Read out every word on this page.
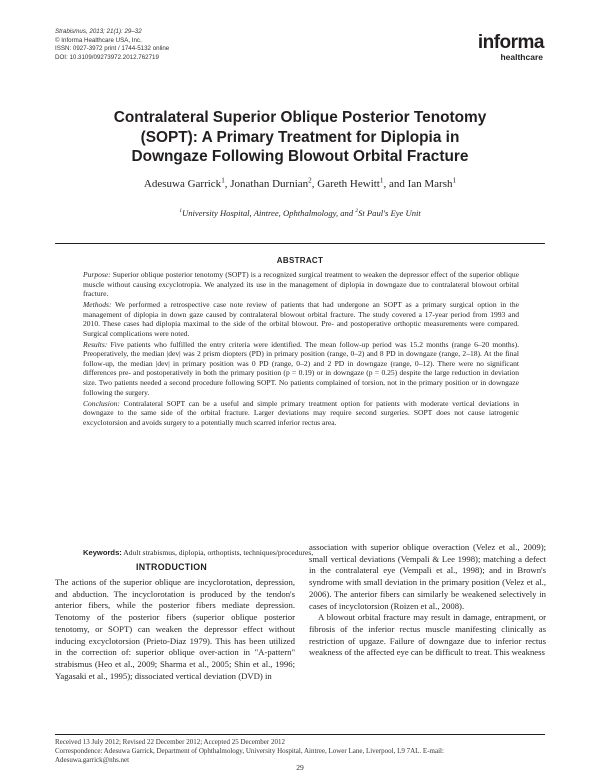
Strabismus, 2013; 21(1): 29–32
© Informa Healthcare USA, Inc.
ISSN: 0927-3972 print / 1744-5132 online
DOI: 10.3109/09273972.2012.762719
informa
healthcare
Contralateral Superior Oblique Posterior Tenotomy
(SOPT): A Primary Treatment for Diplopia in
Downgaze Following Blowout Orbital Fracture
Adesuwa Garrick$^1$, Jonathan Durnian$^2$, Gareth Hewitt$^1$, and Ian Marsh$^1$
$^1$University Hospital, Aintree, Ophthalmology, and $^2$St Paul's Eye Unit
ABSTRACT

Purpose: Superior oblique posterior tenotomy (SOPT) is a recognized surgical treatment to weaken the depressor effect of the superior oblique muscle without causing excyclotropia. We analyzed its use in the management of diplopia in downgaze due to contralateral blowout orbital fracture.

Methods: We performed a retrospective case note review of patients that had undergone an SOPT as a primary surgical option in the management of diplopia in down gaze caused by contralateral blowout orbital fracture. The study covered a 17-year period from 1993 and 2010. These cases had diplopia maximal to the side of the orbital blowout. Pre- and postoperative orthoptic measurements were compared. Surgical complications were noted.

Results: Five patients who fulfilled the entry criteria were identified. The mean follow-up period was 15.2 months (range 6–20 months). Preoperatively, the median |dev| was 2 prism diopters (PD) in primary position (range, 0–2) and 8 PD in downgaze (range, 2–18). At the final follow-up, the median |dev| in primary position was 0 PD (range, 0–2) and 2 PD in downgaze (range, 0–12). There were no significant differences pre- and postoperatively in both the primary position (p = 0.19) or in downgaze (p = 0.25) despite the large reduction in deviation size. Two patients needed a second procedure following SOPT. No patients complained of torsion, not in the primary position or in downgaze following the surgery.

Conclusion: Contralateral SOPT can be a useful and simple primary treatment option for patients with moderate vertical deviations in downgaze to the same side of the orbital fracture. Larger deviations may require second surgeries. SOPT does not cause iatrogenic excyclotorsion and avoids surgery to a potentially much scarred inferior rectus area.

Keywords: Adult strabismus, diplopia, orthoptists, techniques/procedures,
INTRODUCTION

The actions of the superior oblique are incyclorotation, depression, and abduction. The incyclorotation is produced by the tendon's anterior fibers, while the posterior fibers mediate depression. Tenotomy of the posterior fibers (superior oblique posterior tenotomy, or SOPT) can weaken the depressor effect without inducing excyclotorsion (Prieto-Diaz 1979). This has been utilized in the correction of: superior oblique over-action in "A-pattern" strabismus (Heo et al., 2009; Sharma et al., 2005; Shin et al., 1996; Yagasaki et al., 1995); dissociated vertical deviation (DVD) in

association with superior oblique overaction (Velez et al., 2009); small vertical deviations (Vempali & Lee 1998); matching a defect in the contralateral eye (Vempali et al., 1998); and in Brown's syndrome with small deviation in the primary position (Velez et al., 2006). The anterior fibers can similarly be weakened selectively in cases of incyclotorsion (Roizen et al., 2008).

A blowout orbital fracture may result in damage, entrapment, or fibrosis of the inferior rectus muscle manifesting clinically as restriction of upgaze. Failure of downgaze due to inferior rectus weakness of the affected eye can be difficult to treat. This weakness

Received 13 July 2012; Revised 22 December 2012; Accepted 25 December 2012
Correspondence: Adesuwa Garrick, Department of Ophthalmology, University Hospital, Aintree, Lower Lane, Liverpool, L9 7AL. E-mail:
Adesuwa.garrick@nhs.net
29
